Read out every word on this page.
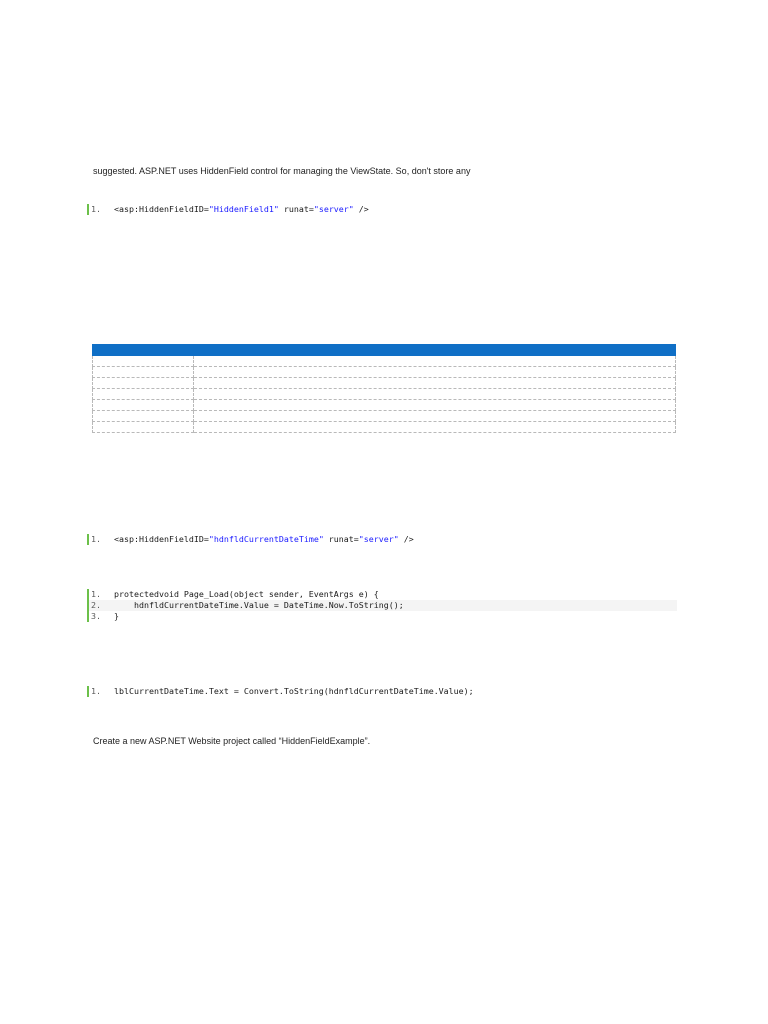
suggested. ASP.NET uses HiddenField control for managing the ViewState. So, don't store any

1.

<asp:HiddenFieldID="HiddenField1" runat="server" />

1.

<asp:HiddenFieldID="hdnfldCurrentDateTime" runat="server" />

1.

protectedvoid Page_Load(object sender, EventArgs e) {

2.

hdnfldCurrentDateTime.Value = DateTime.Now.ToString();

3.

}

1.

lblCurrentDateTime.Text = Convert.ToString(hdnfldCurrentDateTime.Value);

Create a new ASP.NET Website project called “HiddenFieldExample”.
